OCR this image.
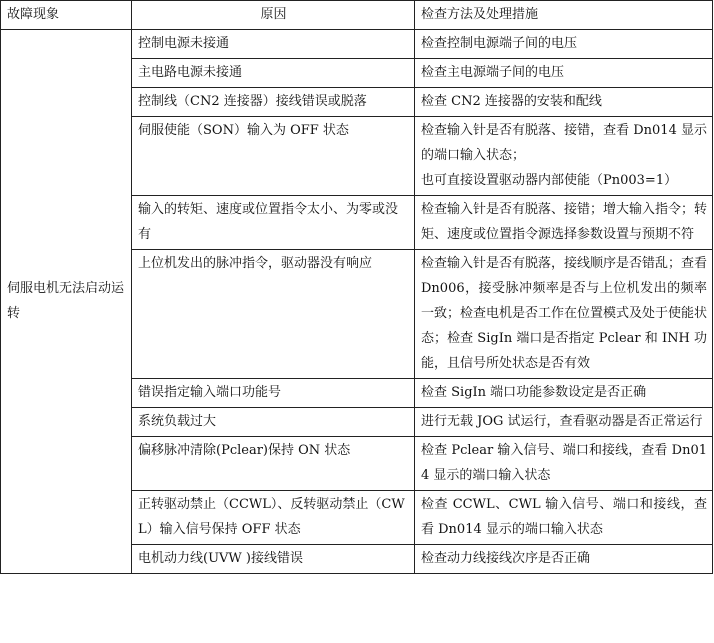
故障现象	原因	检查方法及处理措施
伺服电机无法启动运转	控制电源未接通	检查控制电源端子间的电压
	主电路电源未接通	检查主电源端子间的电压
	控制线（CN2 连接器）接线错误或脱落	检查 CN2 连接器的安装和配线
	伺服使能（SON）输入为 OFF 状态	检查输入针是否有脱落、接错，查看 Dn014 显示的端口输入状态；
也可直接设置驱动器内部使能（Pn003=1）

	输入的转矩、速度或位置指令太小、为零或没有	检查输入针是否有脱落、接错；增大输入指令；转矩、速度或位置指令源选择参数设置与预期不符
	上位机发出的脉冲指令，驱动器没有响应	检查输入针是否有脱落，接线顺序是否错乱；查看 Dn006，接受脉冲频率是否与上位机发出的频率一致；检查电机是否工作在位置模式及处于使能状态；检查 SigIn 端口是否指定 Pclear 和 INH 功能，且信号所处状态是否有效
	错误指定输入端口功能号	检查 SigIn 端口功能参数设定是否正确
	系统负载过大	进行无载 JOG 试运行，查看驱动器是否正常运行
	偏移脉冲清除(Pclear)保持 ON 状态	检查 Pclear 输入信号、端口和接线，查看 Dn014 显示的端口输入状态
	正转驱动禁止（CCWL）、反转驱动禁止（CWL）输入信号保持 OFF 状态	检查 CCWL、CWL 输入信号、端口和接线，查看 Dn014 显示的端口输入状态
	电机动力线(UVW )接线错误	检查动力线接线次序是否正确
